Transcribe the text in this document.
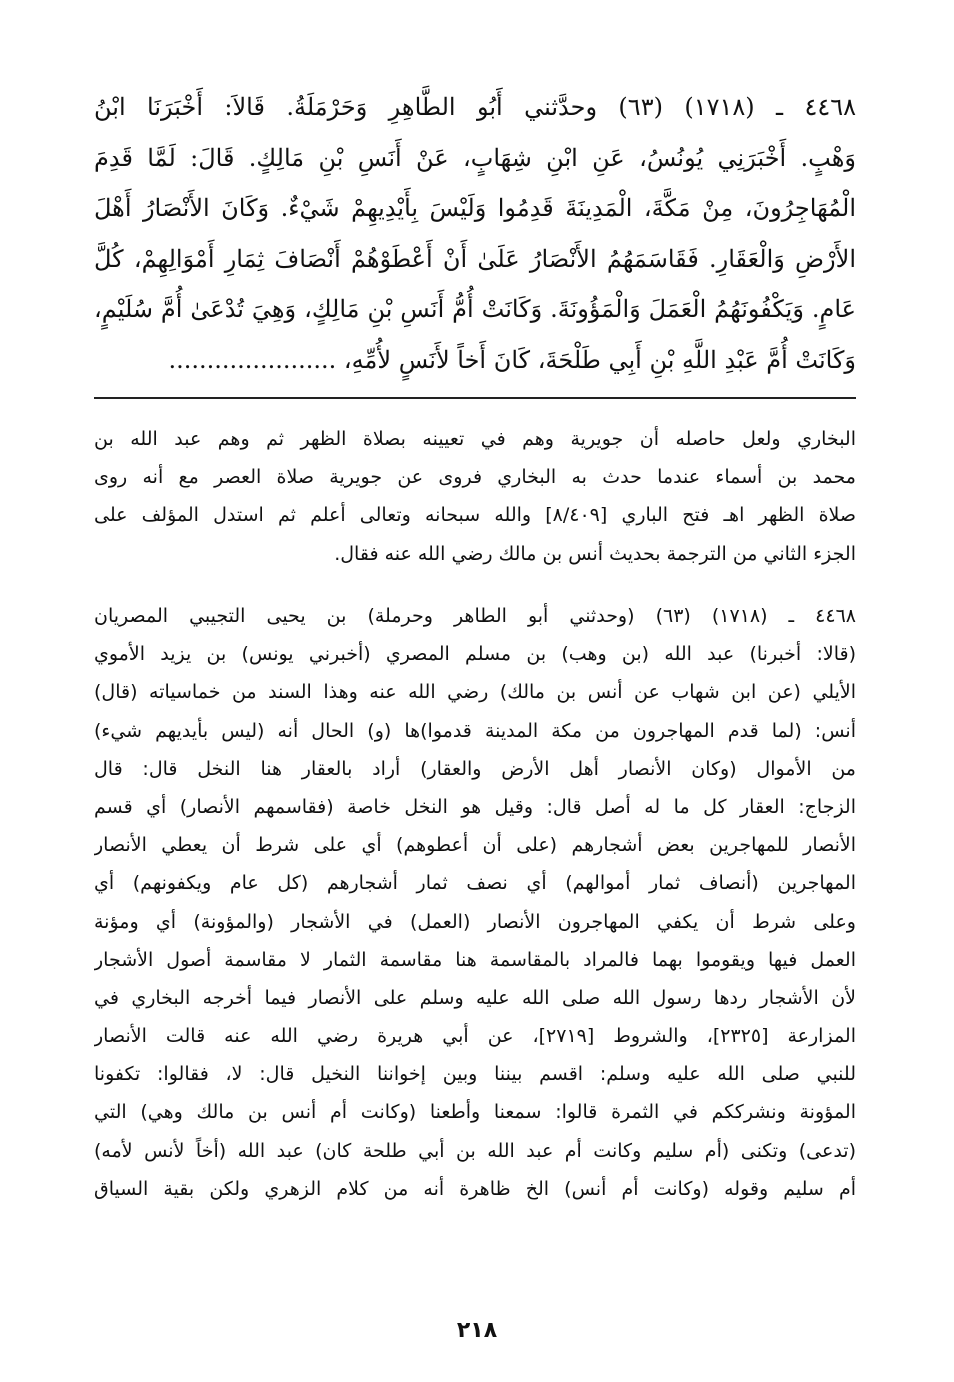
٤٤٦٨ ـ (١٧١٨) (٦٣) وحدَّثني أَبُو الطَّاهِرِ وَحَرْمَلَةُ. قَالاَ: أَخْبَرَنَا ابْنُ
وَهْبٍ. أَخْبَرَنِي يُونُسُ، عَنِ ابْنِ شِهَابٍ، عَنْ أَنَسِ بْنِ مَالِكٍ. قَالَ: لَمَّا قَدِمَ
الْمُهَاجِرُونَ، مِنْ مَكَّةَ، الْمَدِينَةَ قَدِمُوا وَلَيْسَ بِأَيْدِيهِمْ شَيْءٌ. وَكَانَ الأَنْصَارُ أَهْلَ
الأَرْضِ وَالْعَقَارِ. فَقَاسَمَهُمُ الأَنْصَارُ عَلَىٰ أَنْ أَعْطَوْهُمْ أَنْصَافَ ثِمَارِ أَمْوَالِهِمْ، كُلَّ
عَامٍ. وَيَكْفُونَهُمُ الْعَمَلَ وَالْمَؤُونَةَ. وَكَانَتْ أُمُّ أَنَسِ بْنِ مَالِكٍ، وَهِيَ تُدْعَىٰ أُمَّ سُلَيْمٍ،
وَكَانَتْ أُمَّ عَبْدِ اللَّهِ بْنِ أَبِي طَلْحَةَ، كَانَ أَخاً لأَنَسٍ لأُمِّهِ، ......................
البخاري ولعل حاصله أن جويرية وهم في تعيينه بصلاة الظهر ثم وهم عبد الله بن
محمد بن أسماء عندما حدث به البخاري فروى عن جويرية صلاة العصر مع أنه روى
صلاة الظهر اهـ فتح الباري [٨/٤٠٩] والله سبحانه وتعالى أعلم ثم استدل المؤلف على
الجزء الثاني من الترجمة بحديث أنس بن مالك رضي الله عنه فقال.
٤٤٦٨ ـ (١٧١٨) (٦٣) (وحدثني أبو الطاهر وحرملة) بن يحيى التجيبي المصريان
(قالا: أخبرنا) عبد الله (بن وهب) بن مسلم المصري (أخبرني يونس) بن يزيد الأموي
الأيلي (عن ابن شهاب عن أنس بن مالك) رضي الله عنه وهذا السند من خماسياته (قال)
أنس: (لما قدم المهاجرون من مكة المدينة قدموا)ها (و) الحال أنه (ليس بأيديهم شيء)
من الأموال (وكان الأنصار أهل الأرض والعقار) أراد بالعقار هنا النخل قال: قال
الزجاج: العقار كل ما له أصل قال: وقيل هو النخل خاصة (فقاسمهم الأنصار) أي قسم
الأنصار للمهاجرين بعض أشجارهم (على أن أعطوهم) أي على شرط أن يعطي الأنصار
المهاجرين (أنصاف ثمار أموالهم) أي نصف ثمار أشجارهم (كل عام ويكفونهم) أي
وعلى شرط أن يكفي المهاجرون الأنصار (العمل) في الأشجار (والمؤونة) أي ومؤنة
العمل فيها ويقوموا بهما فالمراد بالمقاسمة هنا مقاسمة الثمار لا مقاسمة أصول الأشجار
لأن الأشجار ردها رسول الله صلى الله عليه وسلم على الأنصار فيما أخرجه البخاري في
المزارعة [٢٣٢٥]، والشروط [٢٧١٩]، عن أبي هريرة رضي الله عنه قالت الأنصار
للنبي صلى الله عليه وسلم: اقسم بيننا وبين إخواننا النخيل قال: لا، فقالوا: تكفونا
المؤونة ونشرككم في الثمرة قالوا: سمعنا وأطعنا (وكانت أم أنس بن مالك وهي) التي
(تدعى) وتكنى (أم سليم وكانت أم عبد الله بن أبي طلحة كان) عبد الله (أخاً لأنس لأمه)
أم سليم وقوله (وكانت أم أنس) الخ ظاهرة أنه من كلام الزهري ولكن بقية السياق
٢١٨
